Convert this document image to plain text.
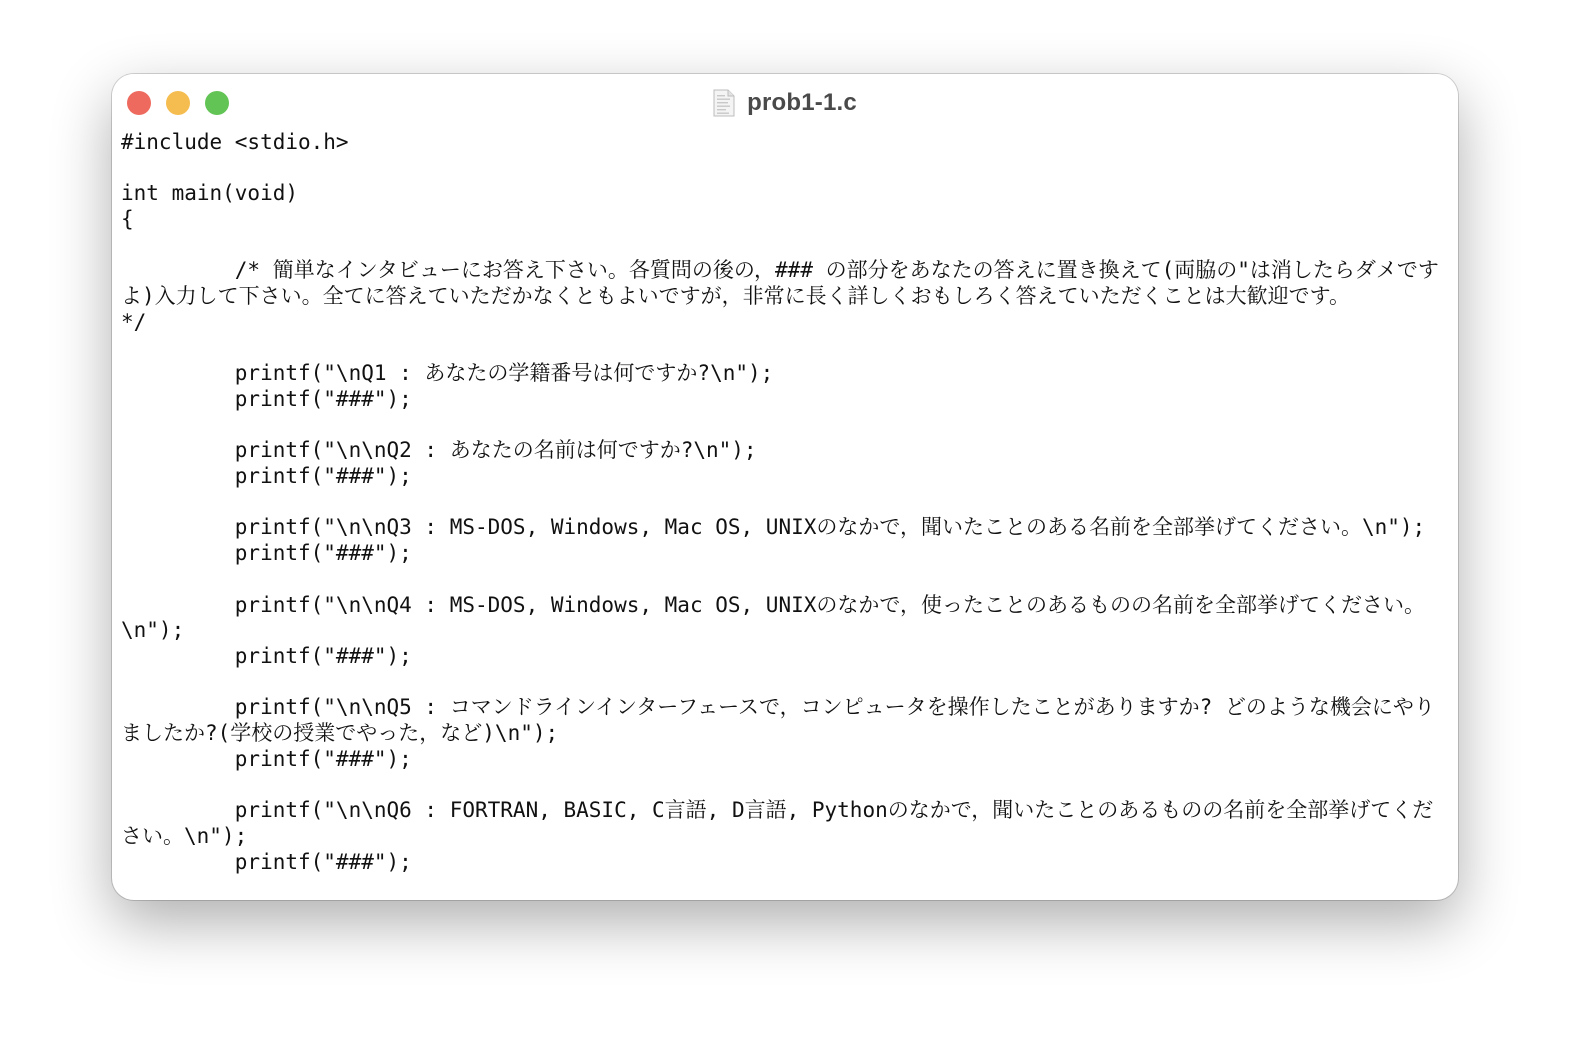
prob1-1.c
#include <stdio.h>
int main(void)
{
/* 簡単なインタビューにお答え下さい。各質問の後の，### の部分をあなたの答えに置き換えて(両脇の"は消したらダメですよ)入力して下さい。全てに答えていただかなくともよいですが，非常に長く詳しくおもしろく答えていただくことは大歓迎です。
*/
printf("\nQ1 : あなたの学籍番号は何ですか?\n");
printf("###");
printf("\n\nQ2 : あなたの名前は何ですか?\n");
printf("###");
printf("\n\nQ3 : MS-DOS, Windows, Mac OS, UNIXのなかで，聞いたことのある名前を全部挙げてください。\n");
printf("###");
printf("\n\nQ4 : MS-DOS, Windows, Mac OS, UNIXのなかで，使ったことのあるものの名前を全部挙げてください。\n");
printf("###");
printf("\n\nQ5 : コマンドラインインターフェースで，コンピュータを操作したことがありますか? どのような機会にやりましたか?(学校の授業でやった，など)\n");
printf("###");
printf("\n\nQ6 : FORTRAN, BASIC, C言語, D言語, Pythonのなかで，聞いたことのあるものの名前を全部挙げてください。\n");
printf("###");
